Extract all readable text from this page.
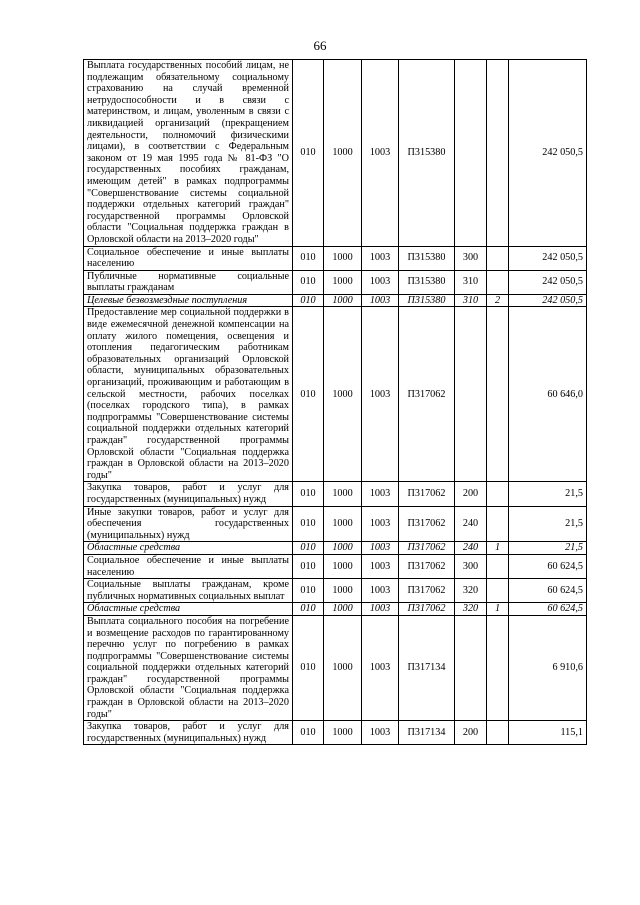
66
Выплата государственных пособий лицам, не подлежащим обязательному социальному страхованию на случай временной нетрудоспособности и в связи с материнством, и лицам, уволенным в связи с ликвидацией организаций (прекращением деятельности, полномочий физическими лицами), в соответствии с Федеральным законом от 19 мая 1995 года № 81-ФЗ "О государственных пособиях гражданам, имеющим детей" в рамках подпрограммы "Совершенствование системы социальной поддержки отдельных категорий граждан" государственной программы Орловской области "Социальная поддержка граждан в Орловской области на 2013–2020 годы"	010	1000	1003	П315380			242 050,5
Социальное обеспечение и иные выплаты населению	010	1000	1003	П315380	300		242 050,5
Публичные нормативные социальные выплаты гражданам	010	1000	1003	П315380	310		242 050,5
Целевые безвозмездные поступления	010	1000	1003	П315380	310	2	242 050,5
Предоставление мер социальной поддержки в виде ежемесячной денежной компенсации на оплату жилого помещения, освещения и отопления педагогическим работникам образовательных организаций Орловской области, муниципальных образовательных организаций, проживающим и работающим в сельской местности, рабочих поселках (поселках городского типа), в рамках подпрограммы "Совершенствование системы социальной поддержки отдельных категорий граждан" государственной программы Орловской области "Социальная поддержка граждан в Орловской области на 2013–2020 годы"	010	1000	1003	П317062			60 646,0
Закупка товаров, работ и услуг для государственных (муниципальных) нужд	010	1000	1003	П317062	200		21,5
Иные закупки товаров, работ и услуг для обеспечения государственных (муниципальных) нужд	010	1000	1003	П317062	240		21,5
Областные средства	010	1000	1003	П317062	240	1	21,5
Социальное обеспечение и иные выплаты населению	010	1000	1003	П317062	300		60 624,5
Социальные выплаты гражданам, кроме публичных нормативных социальных выплат	010	1000	1003	П317062	320		60 624,5
Областные средства	010	1000	1003	П317062	320	1	60 624,5
Выплата социального пособия на погребение и возмещение расходов по гарантированному перечню услуг по погребению в рамках подпрограммы "Совершенствование системы социальной поддержки отдельных категорий граждан" государственной программы Орловской области "Социальная поддержка граждан в Орловской области на 2013–2020 годы"	010	1000	1003	П317134			6 910,6
Закупка товаров, работ и услуг для государственных (муниципальных) нужд	010	1000	1003	П317134	200		115,1
